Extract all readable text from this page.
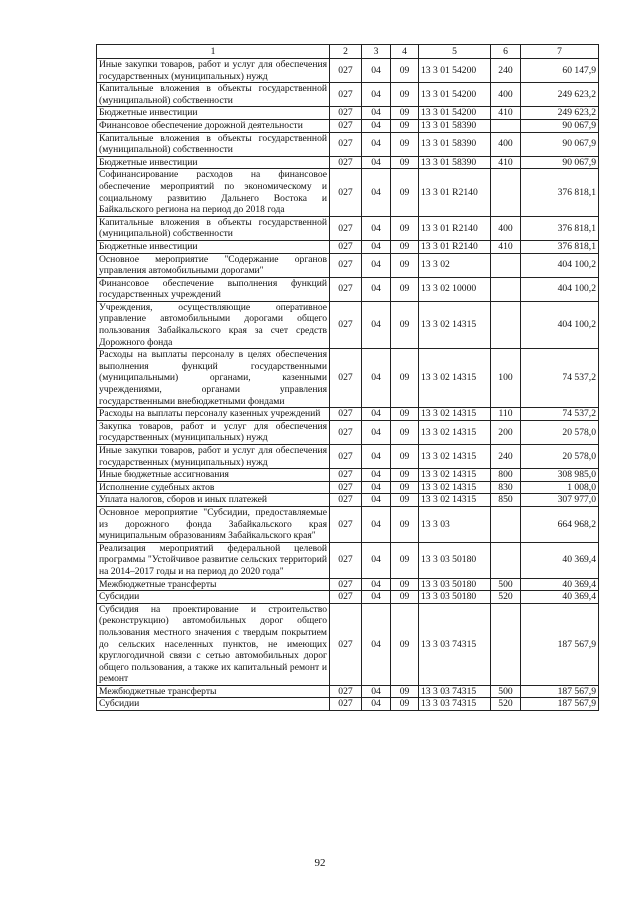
1	2	3	4	5	6	7
Иные закупки товаров, работ и услуг для обеспечения государственных (муниципальных) нужд	027	04	09	13 3 01 54200	240	60 147,9
Капитальные вложения в объекты государственной (муниципальной) собственности	027	04	09	13 3 01 54200	400	249 623,2
Бюджетные инвестиции	027	04	09	13 3 01 54200	410	249 623,2
Финансовое обеспечение дорожной деятельности	027	04	09	13 3 01 58390		90 067,9
Капитальные вложения в объекты государственной (муниципальной) собственности	027	04	09	13 3 01 58390	400	90 067,9
Бюджетные инвестиции	027	04	09	13 3 01 58390	410	90 067,9
Софинансирование расходов на финансовое обеспечение мероприятий по экономическому и социальному развитию Дальнего Востока и Байкальского региона на период до 2018 года	027	04	09	13 3 01 R2140		376 818,1
Капитальные вложения в объекты государственной (муниципальной) собственности	027	04	09	13 3 01 R2140	400	376 818,1
Бюджетные инвестиции	027	04	09	13 3 01 R2140	410	376 818,1
Основное мероприятие "Содержание органов управления автомобильными дорогами"	027	04	09	13 3 02		404 100,2
Финансовое обеспечение выполнения функций государственных учреждений	027	04	09	13 3 02 10000		404 100,2
Учреждения, осуществляющие оперативное управление автомобильными дорогами общего пользования Забайкальского края за счет средств Дорожного фонда	027	04	09	13 3 02 14315		404 100,2
Расходы на выплаты персоналу в целях обеспечения выполнения функций государственными (муниципальными) органами, казенными учреждениями, органами управления государственными внебюджетными фондами	027	04	09	13 3 02 14315	100	74 537,2
Расходы на выплаты персоналу казенных учреждений	027	04	09	13 3 02 14315	110	74 537,2
Закупка товаров, работ и услуг для обеспечения государственных (муниципальных) нужд	027	04	09	13 3 02 14315	200	20 578,0
Иные закупки товаров, работ и услуг для обеспечения государственных (муниципальных) нужд	027	04	09	13 3 02 14315	240	20 578,0
Иные бюджетные ассигнования	027	04	09	13 3 02 14315	800	308 985,0
Исполнение судебных актов	027	04	09	13 3 02 14315	830	1 008,0
Уплата налогов, сборов и иных платежей	027	04	09	13 3 02 14315	850	307 977,0
Основное мероприятие "Субсидии, предоставляемые из дорожного фонда Забайкальского края муниципальным образованиям Забайкальского края"	027	04	09	13 3 03		664 968,2
Реализация мероприятий федеральной целевой программы "Устойчивое развитие сельских территорий на 2014–2017 годы и на период до 2020 года"	027	04	09	13 3 03 50180		40 369,4
Межбюджетные трансферты	027	04	09	13 3 03 50180	500	40 369,4
Субсидии	027	04	09	13 3 03 50180	520	40 369,4
Субсидия на проектирование и строительство (реконструкцию) автомобильных дорог общего пользования местного значения с твердым покрытием до сельских населенных пунктов, не имеющих круглогодичной связи с сетью автомобильных дорог общего пользования, а также их капитальный ремонт и ремонт	027	04	09	13 3 03 74315		187 567,9
Межбюджетные трансферты	027	04	09	13 3 03 74315	500	187 567,9
Субсидии	027	04	09	13 3 03 74315	520	187 567,9
92
